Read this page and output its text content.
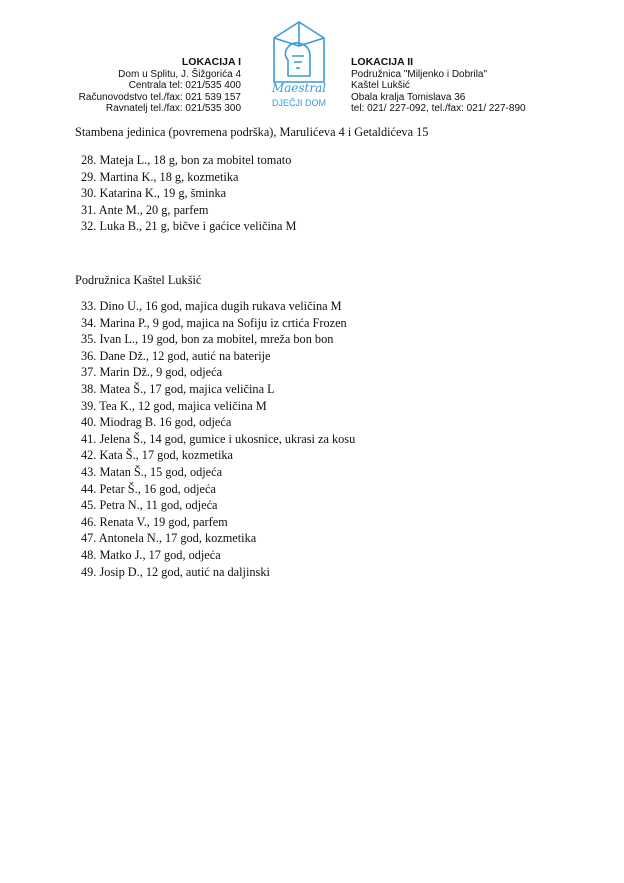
LOKACIJA I
Dom u Splitu, J. Šižgorića 4
Centrala tel: 021/535 400
Računovodstvo tel./fax: 021 539 157
Ravnatelj tel./fax: 021/535 300
Maestral
DJEČJI DOM
LOKACIJA II
Podružnica "Miljenko i Dobrila"
Kaštel Lukšić
Obala kralja Tomislava 36
tel: 021/ 227-092, tel./fax: 021/ 227-890

Stambena jedinica (povremena podrška), Marulićeva 4 i Getaldićeva 15

28. Mateja L., 18 g, bon za mobitel tomato
29. Martina K., 18 g, kozmetika
30. Katarina K., 19 g, šminka
31. Ante M., 20 g, parfem
32. Luka B., 21 g, bičve i gaćice veličina M

Podružnica Kaštel Lukšić

33. Dino U., 16 god, majica dugih rukava veličina M
34. Marina P., 9 god, majica na Sofiju iz crtića Frozen
35. Ivan L., 19 god, bon za mobitel, mreža bon bon
36. Dane Dž., 12 god, autić na baterije
37. Marin Dž., 9 god, odjeća
38. Matea Š., 17 god, majica veličina L
39. Tea K., 12 god, majica veličina M
40. Miodrag B. 16 god, odjeća
41. Jelena Š., 14 god, gumice i ukosnice, ukrasi za kosu
42. Kata Š., 17 god, kozmetika
43. Matan Š., 15 god, odjeća
44. Petar Š., 16 god, odjeća
45. Petra N., 11 god, odjeća
46. Renata V., 19 god, parfem
47. Antonela N., 17 god, kozmetika
48. Matko J., 17 god, odjeća
49. Josip D., 12 god, autić na daljinski
